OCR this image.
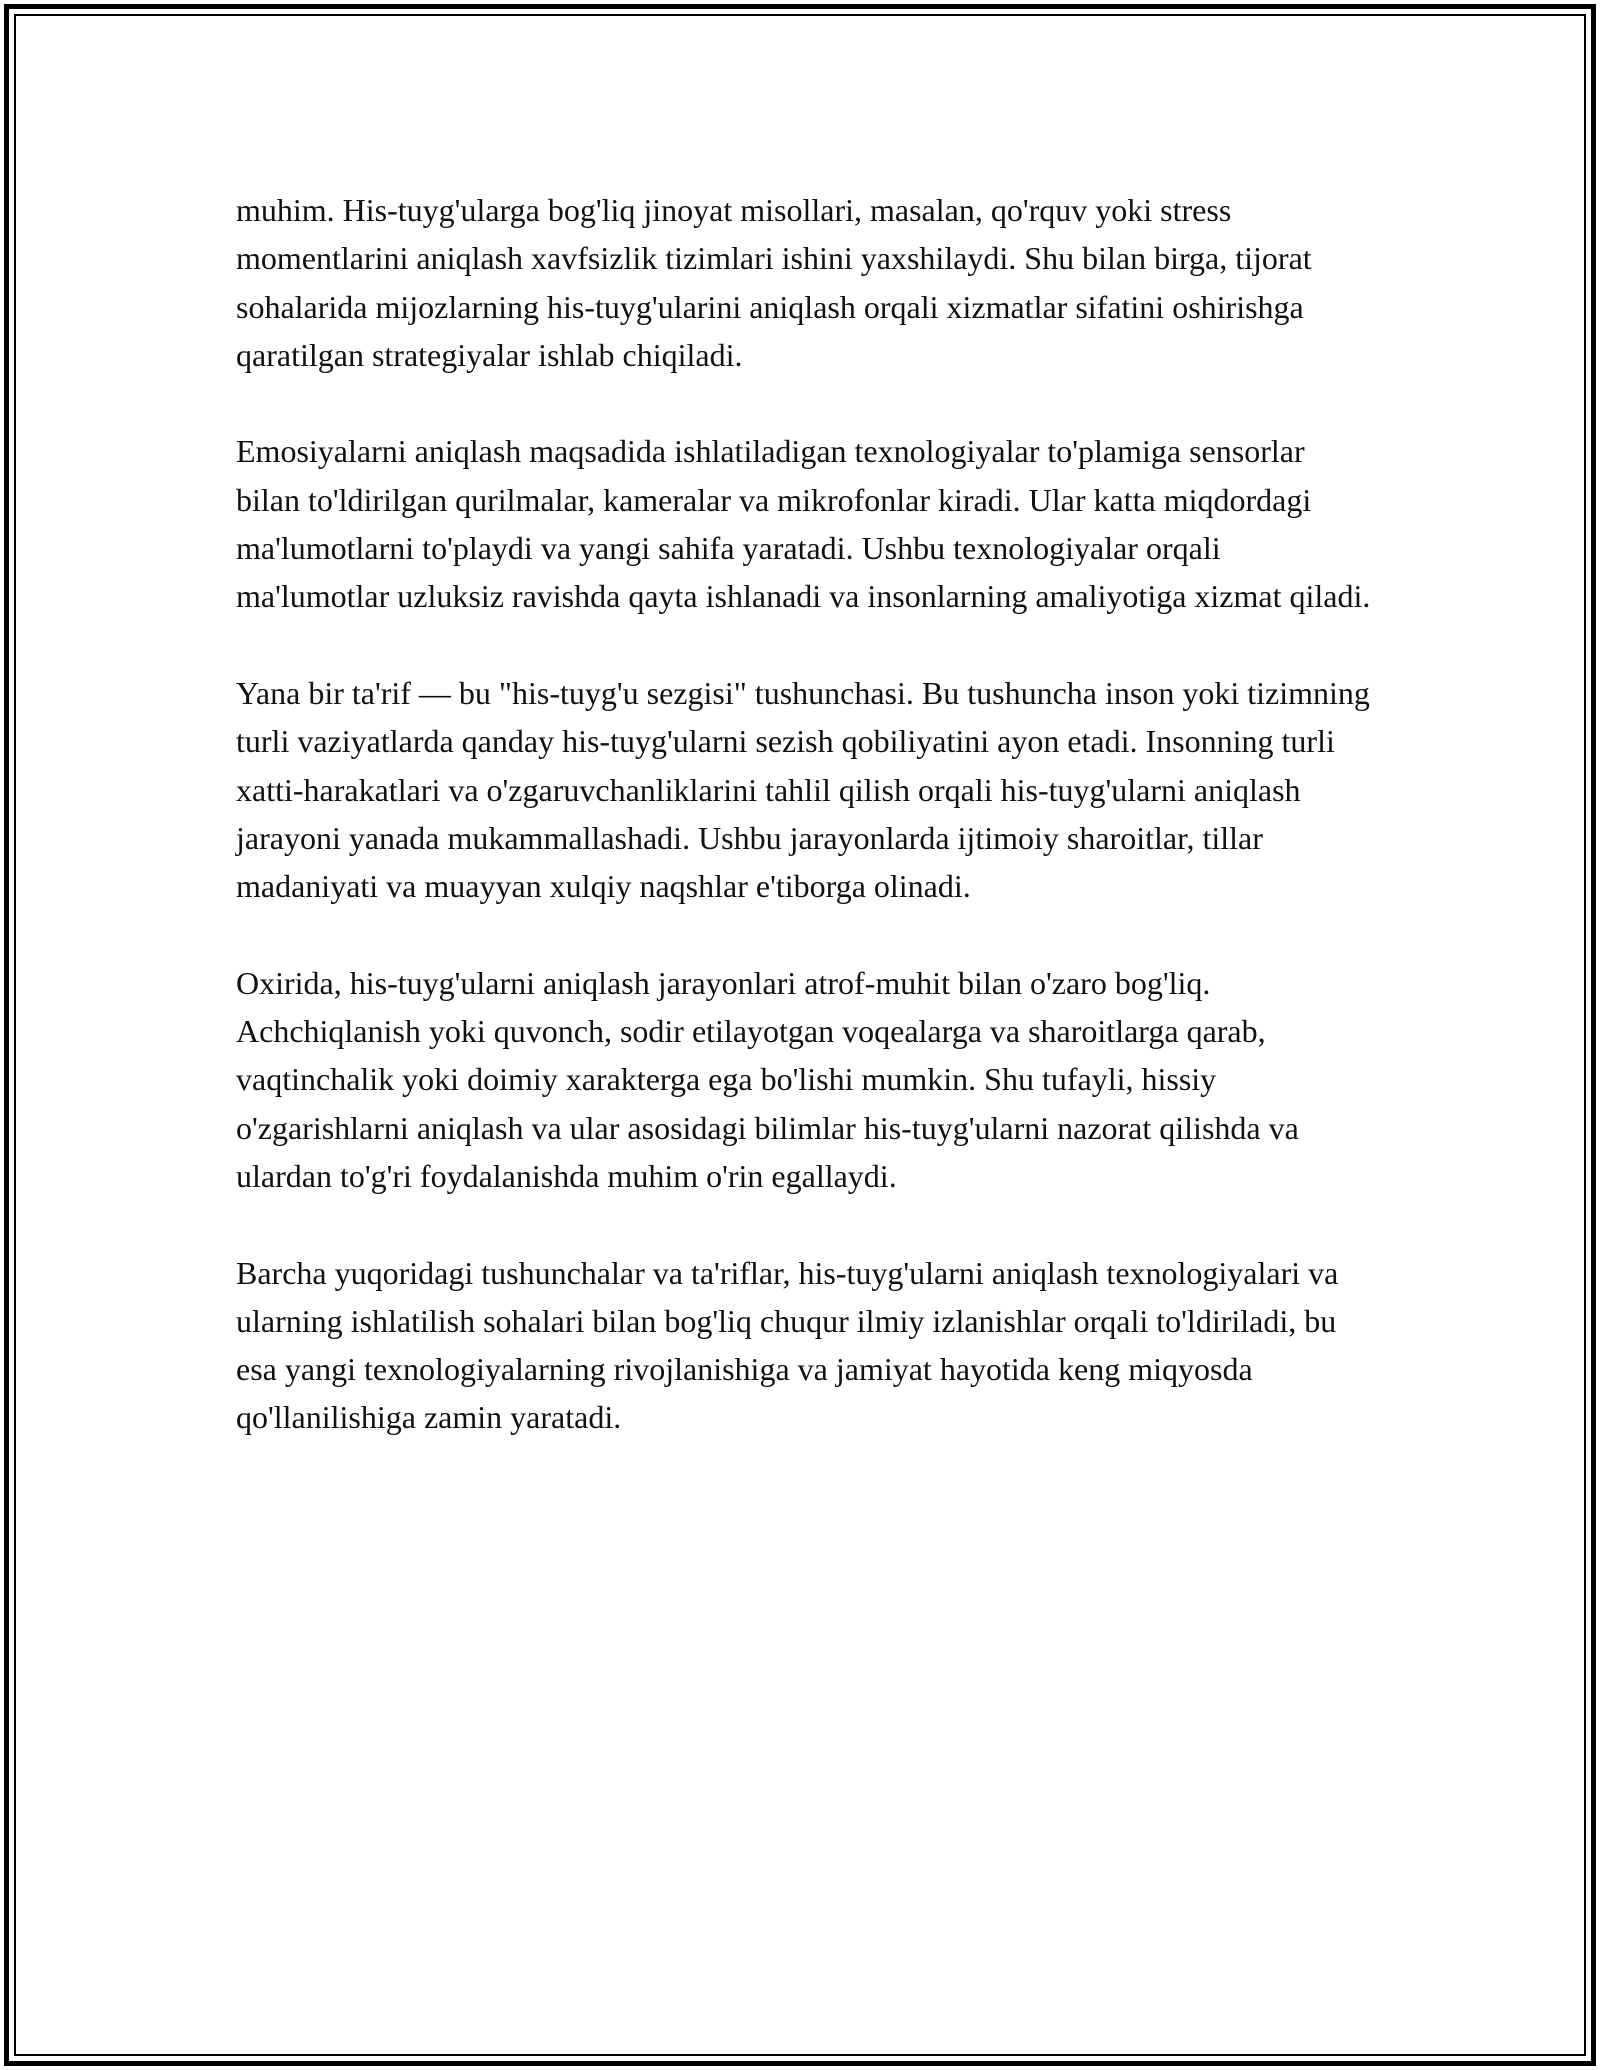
muhim. His-tuyg'ularga bog'liq jinoyat misollari, masalan, qo'rquv yoki stress momentlarini aniqlash xavfsizlik tizimlari ishini yaxshilaydi. Shu bilan birga, tijorat sohalarida mijozlarning his-tuyg'ularini aniqlash orqali xizmatlar sifatini oshirishga qaratilgan strategiyalar ishlab chiqiladi.

Emosiyalarni aniqlash maqsadida ishlatiladigan texnologiyalar to'plamiga sensorlar bilan to'ldirilgan qurilmalar, kameralar va mikrofonlar kiradi. Ular katta miqdordagi ma'lumotlarni to'playdi va yangi sahifa yaratadi. Ushbu texnologiyalar orqali ma'lumotlar uzluksiz ravishda qayta ishlanadi va insonlarning amaliyotiga xizmat qiladi.

Yana bir ta'rif — bu "his-tuyg'u sezgisi" tushunchasi. Bu tushuncha inson yoki tizimning turli vaziyatlarda qanday his-tuyg'ularni sezish qobiliyatini ayon etadi. Insonning turli xatti-harakatlari va o'zgaruvchanliklarini tahlil qilish orqali his-tuyg'ularni aniqlash jarayoni yanada mukammallashadi. Ushbu jarayonlarda ijtimoiy sharoitlar, tillar madaniyati va muayyan xulqiy naqshlar e'tiborga olinadi.

Oxirida, his-tuyg'ularni aniqlash jarayonlari atrof-muhit bilan o'zaro bog'liq. Achchiqlanish yoki quvonch, sodir etilayotgan voqealarga va sharoitlarga qarab, vaqtinchalik yoki doimiy xarakterga ega bo'lishi mumkin. Shu tufayli, hissiy o'zgarishlarni aniqlash va ular asosidagi bilimlar his-tuyg'ularni nazorat qilishda va ulardan to'g'ri foydalanishda muhim o'rin egallaydi.

Barcha yuqoridagi tushunchalar va ta'riflar, his-tuyg'ularni aniqlash texnologiyalari va ularning ishlatilish sohalari bilan bog'liq chuqur ilmiy izlanishlar orqali to'ldiriladi, bu esa yangi texnologiyalarning rivojlanishiga va jamiyat hayotida keng miqyosda qo'llanilishiga zamin yaratadi.
